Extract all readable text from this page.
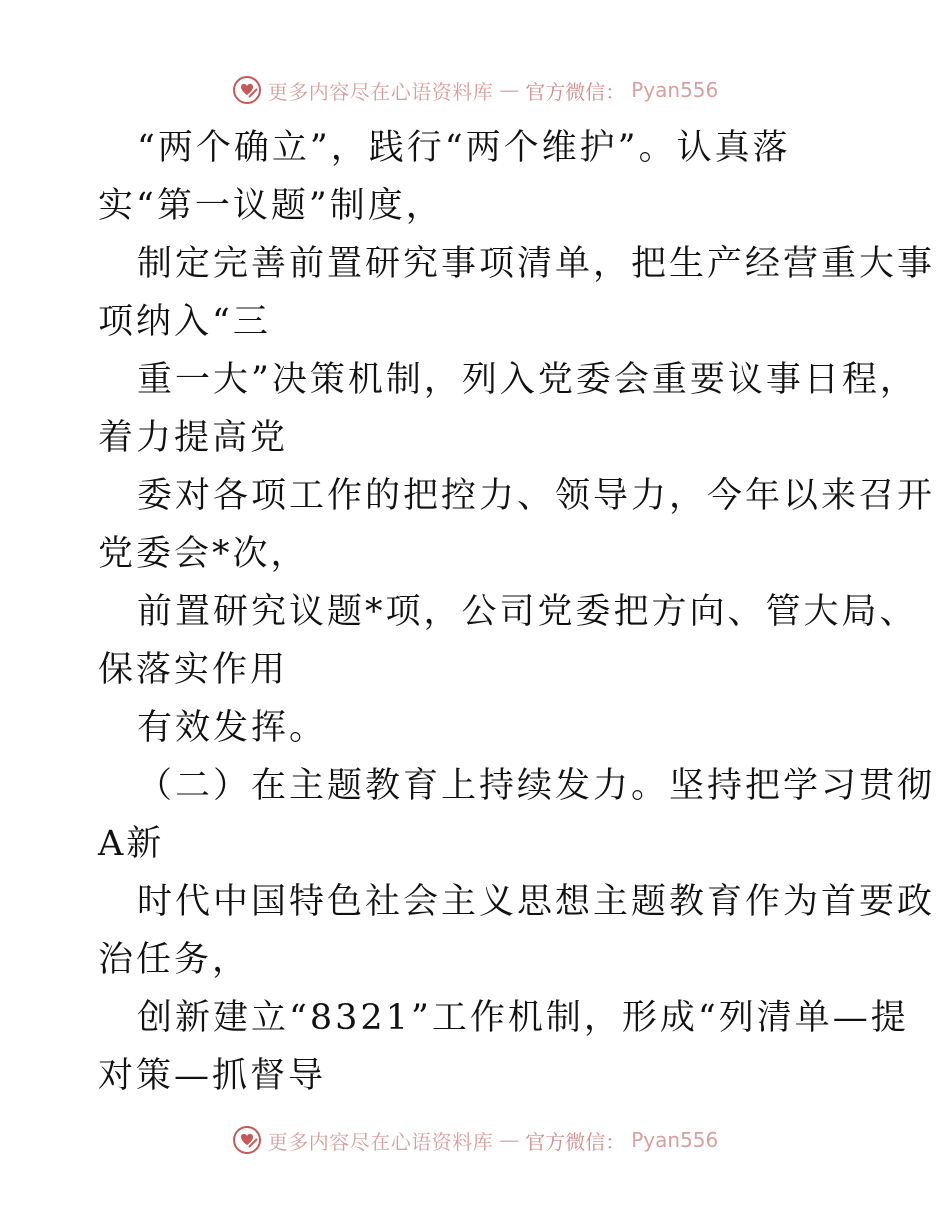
更多内容尽在心语资料库 — 官方微信： Pyan556
“两个确立”，践行“两个维护”。认真落
实“第一议题”制度，
制定完善前置研究事项清单，把生产经营重大事
项纳入“三
重一大”决策机制，列入党委会重要议事日程，
着力提高党
委对各项工作的把控力、领导力，今年以来召开
党委会*次，
前置研究议题*项，公司党委把方向、管大局、
保落实作用
有效发挥。
（二）在主题教育上持续发力。坚持把学习贯彻
A新
时代中国特色社会主义思想主题教育作为首要政
治任务，
创新建立“8321”工作机制，形成“列清单—提
对策—抓督导
更多内容尽在心语资料库 — 官方微信： Pyan556
